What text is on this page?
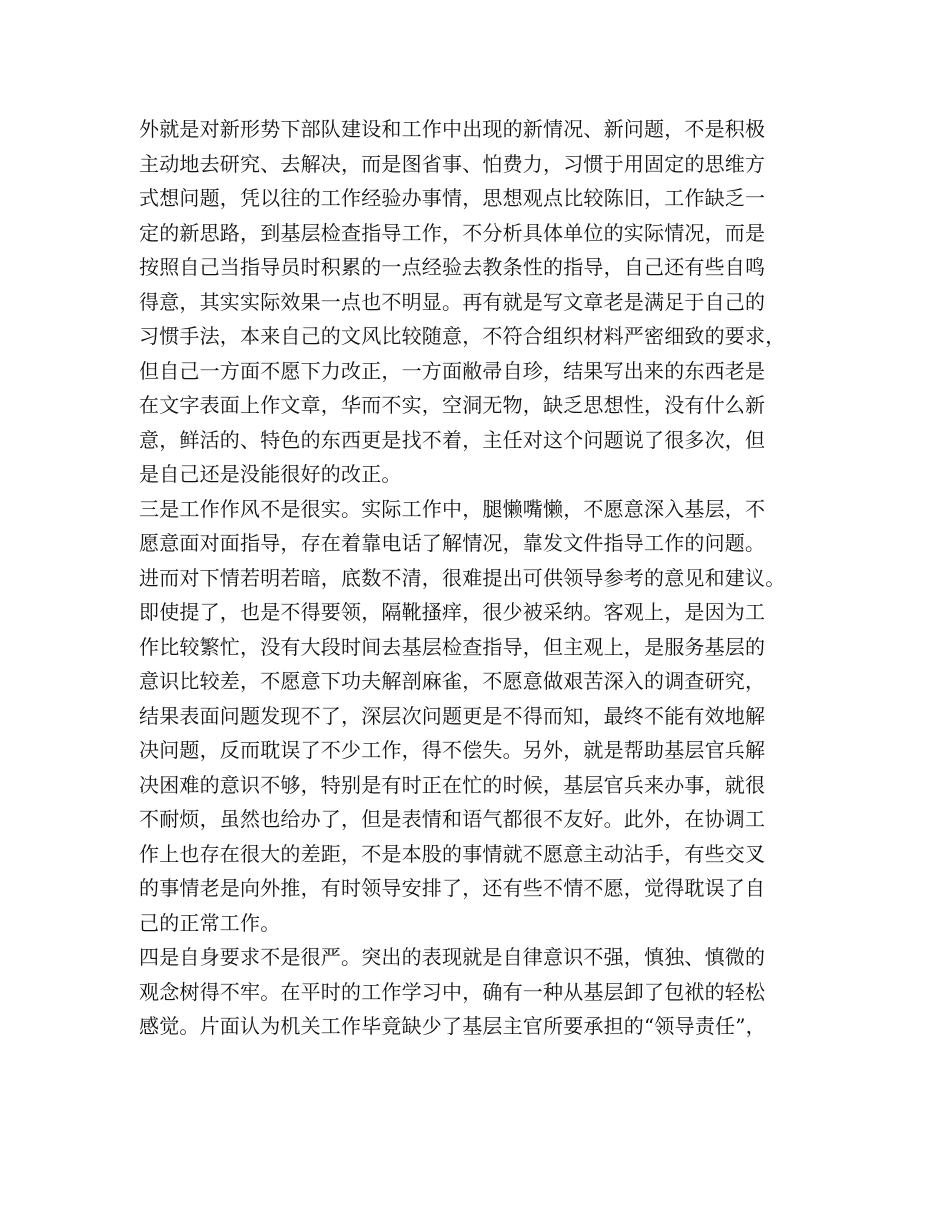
外就是对新形势下部队建设和工作中出现的新情况、新问题，不是积极
主动地去研究、去解决，而是图省事、怕费力，习惯于用固定的思维方
式想问题，凭以往的工作经验办事情，思想观点比较陈旧，工作缺乏一
定的新思路，到基层检查指导工作，不分析具体单位的实际情况，而是
按照自己当指导员时积累的一点经验去教条性的指导，自己还有些自鸣
得意，其实实际效果一点也不明显。再有就是写文章老是满足于自己的
习惯手法，本来自己的文风比较随意，不符合组织材料严密细致的要求，
但自己一方面不愿下力改正，一方面敝帚自珍，结果写出来的东西老是
在文字表面上作文章，华而不实，空洞无物，缺乏思想性，没有什么新
意，鲜活的、特色的东西更是找不着，主任对这个问题说了很多次，但
是自己还是没能很好的改正。
三是工作作风不是很实。实际工作中，腿懒嘴懒，不愿意深入基层，不
愿意面对面指导，存在着靠电话了解情况，靠发文件指导工作的问题。
进而对下情若明若暗，底数不清，很难提出可供领导参考的意见和建议。
即使提了，也是不得要领，隔靴搔痒，很少被采纳。客观上，是因为工
作比较繁忙，没有大段时间去基层检查指导，但主观上，是服务基层的
意识比较差，不愿意下功夫解剖麻雀，不愿意做艰苦深入的调查研究，
结果表面问题发现不了，深层次问题更是不得而知，最终不能有效地解
决问题，反而耽误了不少工作，得不偿失。另外，就是帮助基层官兵解
决困难的意识不够，特别是有时正在忙的时候，基层官兵来办事，就很
不耐烦，虽然也给办了，但是表情和语气都很不友好。此外，在协调工
作上也存在很大的差距，不是本股的事情就不愿意主动沾手，有些交叉
的事情老是向外推，有时领导安排了，还有些不情不愿，觉得耽误了自
己的正常工作。
四是自身要求不是很严。突出的表现就是自律意识不强，慎独、慎微的
观念树得不牢。在平时的工作学习中，确有一种从基层卸了包袱的轻松
感觉。片面认为机关工作毕竟缺少了基层主官所要承担的“领导责任”，
